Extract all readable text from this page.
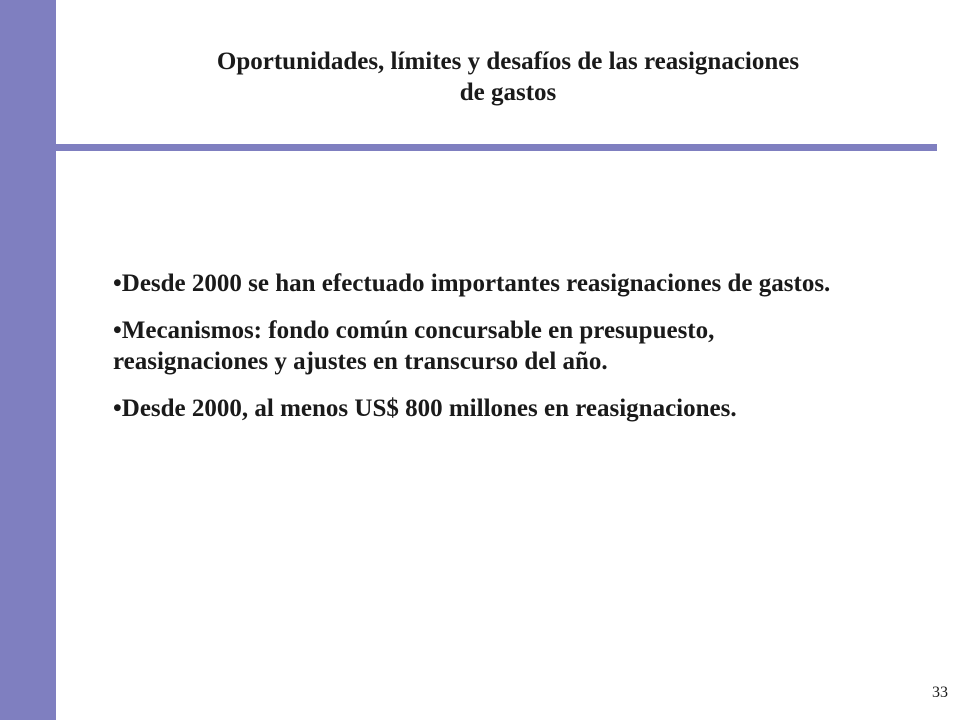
Oportunidades, límites y desafíos de las reasignaciones
de gastos
•Desde 2000 se han efectuado importantes reasignaciones de gastos.
•Mecanismos: fondo común concursable en presupuesto, reasignaciones y ajustes en transcurso del año.
•Desde 2000, al menos US$ 800 millones en reasignaciones.
33
